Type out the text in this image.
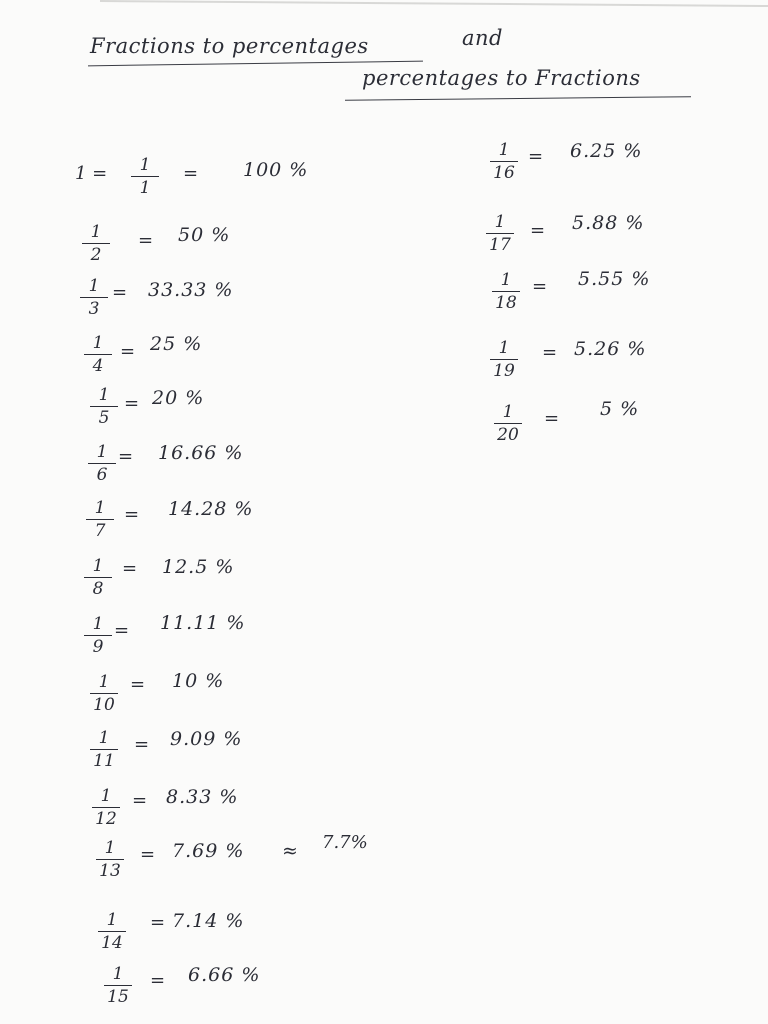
Fractions to percentages	and
percentages to Fractions
1 =	1
1
= 100 %
1
2
= 50 %
1
3
= 33.33 %
1
4
= 25 %
1
5
= 20 %
1
6
= 16.66 %
1
7
= 14.28 %
1
8
= 12.5 %
1
9
= 11.11 %
1
10
= 10 %
1
11
= 9.09 %
1
12
= 8.33 %
1
13
= 7.69 % ≈ 7.7%
1
14
= 7.14 %
1
15
= 6.66 %
1
16
= 6.25 %
1
17
= 5.88 %
1
18
= 5.55 %
1
19
= 5.26 %
1
20
= 5 %
